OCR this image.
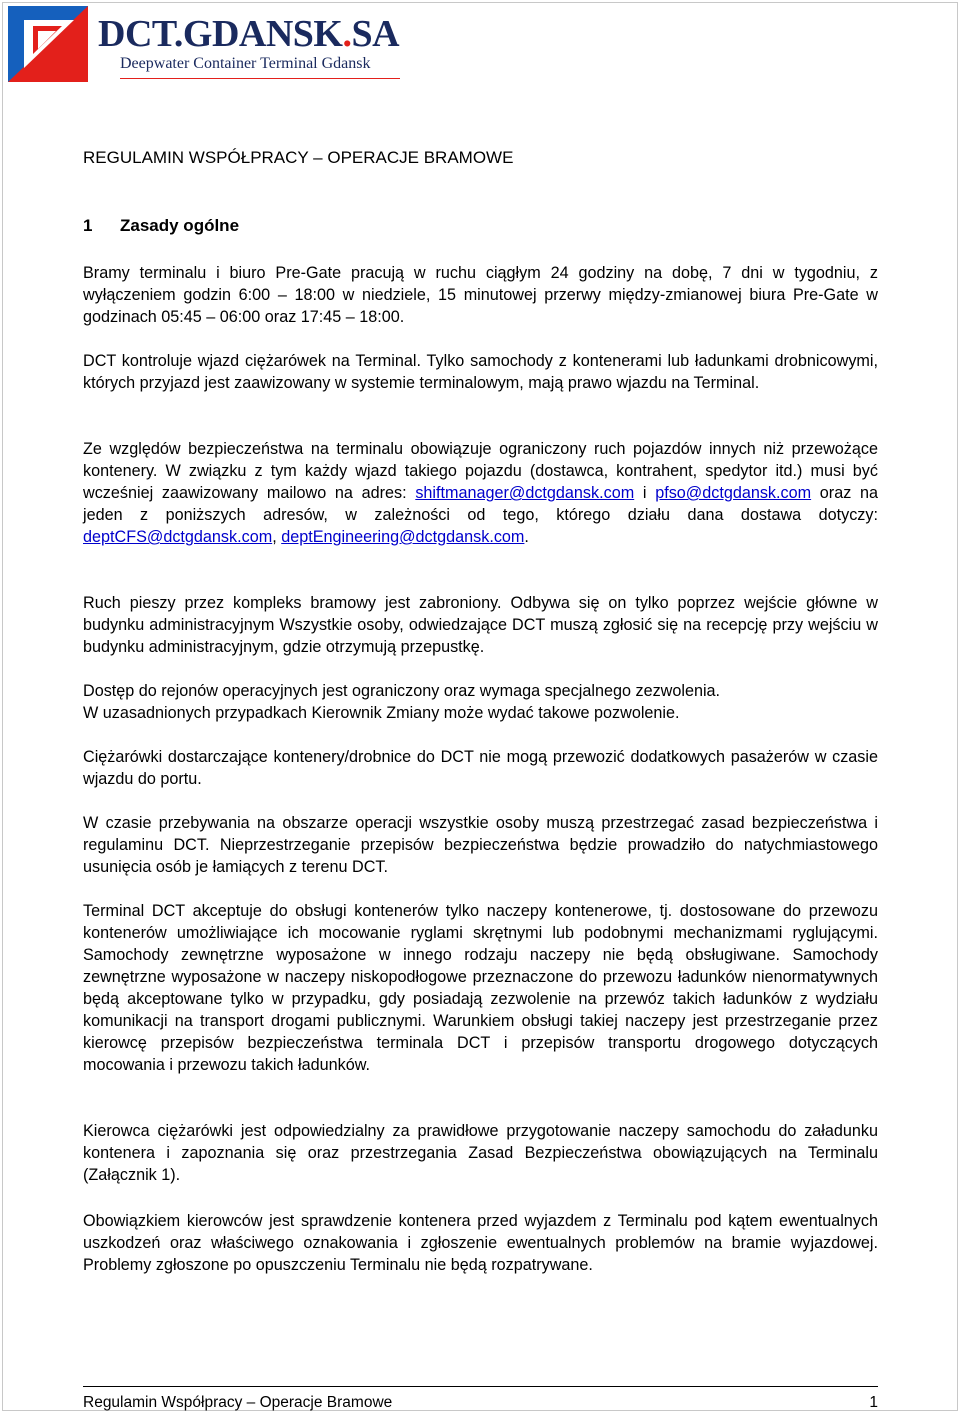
DCT.GDANSK.SA

Deepwater Container Terminal Gdansk

REGULAMIN WSPÓŁPRACY – OPERACJE BRAMOWE
1 Zasady ogólne

Bramy terminalu i biuro Pre-Gate pracują w ruchu ciągłym 24 godziny na dobę, 7 dni w tygodniu, z wyłączeniem godzin 6:00 – 18:00 w niedziele, 15 minutowej przerwy między-zmianowej biura Pre-Gate w godzinach 05:45 – 06:00 oraz 17:45 – 18:00.

DCT kontroluje wjazd ciężarówek na Terminal. Tylko samochody z kontenerami lub ładunkami drobnicowymi, których przyjazd jest zaawizowany w systemie terminalowym, mają prawo wjazdu na Terminal.

Ze względów bezpieczeństwa na terminalu obowiązuje ograniczony ruch pojazdów innych niż przewożące kontenery. W związku z tym każdy wjazd takiego pojazdu (dostawca, kontrahent, spedytor itd.) musi być wcześniej zaawizowany mailowo na adres: shiftmanager@dctgdansk.com i pfso@dctgdansk.com oraz na jeden z poniższych adresów, w zależności od tego, którego działu dana dostawa dotyczy: deptCFS@dctgdansk.com, deptEngineering@dctgdansk.com.

Ruch pieszy przez kompleks bramowy jest zabroniony. Odbywa się on tylko poprzez wejście główne w budynku administracyjnym Wszystkie osoby, odwiedzające DCT muszą zgłosić się na recepcję przy wejściu w budynku administracyjnym, gdzie otrzymują przepustkę.

Dostęp do rejonów operacyjnych jest ograniczony oraz wymaga specjalnego zezwolenia.
W uzasadnionych przypadkach Kierownik Zmiany może wydać takowe pozwolenie.

Ciężarówki dostarczające kontenery/drobnice do DCT nie mogą przewozić dodatkowych pasażerów w czasie wjazdu do portu.

W czasie przebywania na obszarze operacji wszystkie osoby muszą przestrzegać zasad bezpieczeństwa i regulaminu DCT. Nieprzestrzeganie przepisów bezpieczeństwa będzie prowadziło do natychmiastowego usunięcia osób je łamiących z terenu DCT.

Terminal DCT akceptuje do obsługi kontenerów tylko naczepy kontenerowe, tj. dostosowane do przewozu kontenerów umożliwiające ich mocowanie ryglami skrętnymi lub podobnymi mechanizmami ryglującymi. Samochody zewnętrzne wyposażone w innego rodzaju naczepy nie będą obsługiwane. Samochody zewnętrzne wyposażone w naczepy niskopodłogowe przeznaczone do przewozu ładunków nienormatywnych będą akceptowane tylko w przypadku, gdy posiadają zezwolenie na przewóz takich ładunków z wydziału komunikacji na transport drogami publicznymi. Warunkiem obsługi takiej naczepy jest przestrzeganie przez kierowcę przepisów bezpieczeństwa terminala DCT i przepisów transportu drogowego dotyczących mocowania i przewozu takich ładunków.

Kierowca ciężarówki jest odpowiedzialny za prawidłowe przygotowanie naczepy samochodu do załadunku kontenera i zapoznania się oraz przestrzegania Zasad Bezpieczeństwa obowiązujących na Terminalu (Załącznik 1).

Obowiązkiem kierowców jest sprawdzenie kontenera przed wyjazdem z Terminalu pod kątem ewentualnych uszkodzeń oraz właściwego oznakowania i zgłoszenie ewentualnych problemów na bramie wyjazdowej. Problemy zgłoszone po opuszczeniu Terminalu nie będą rozpatrywane.

Regulamin Współpracy – Operacje Bramowe	1
